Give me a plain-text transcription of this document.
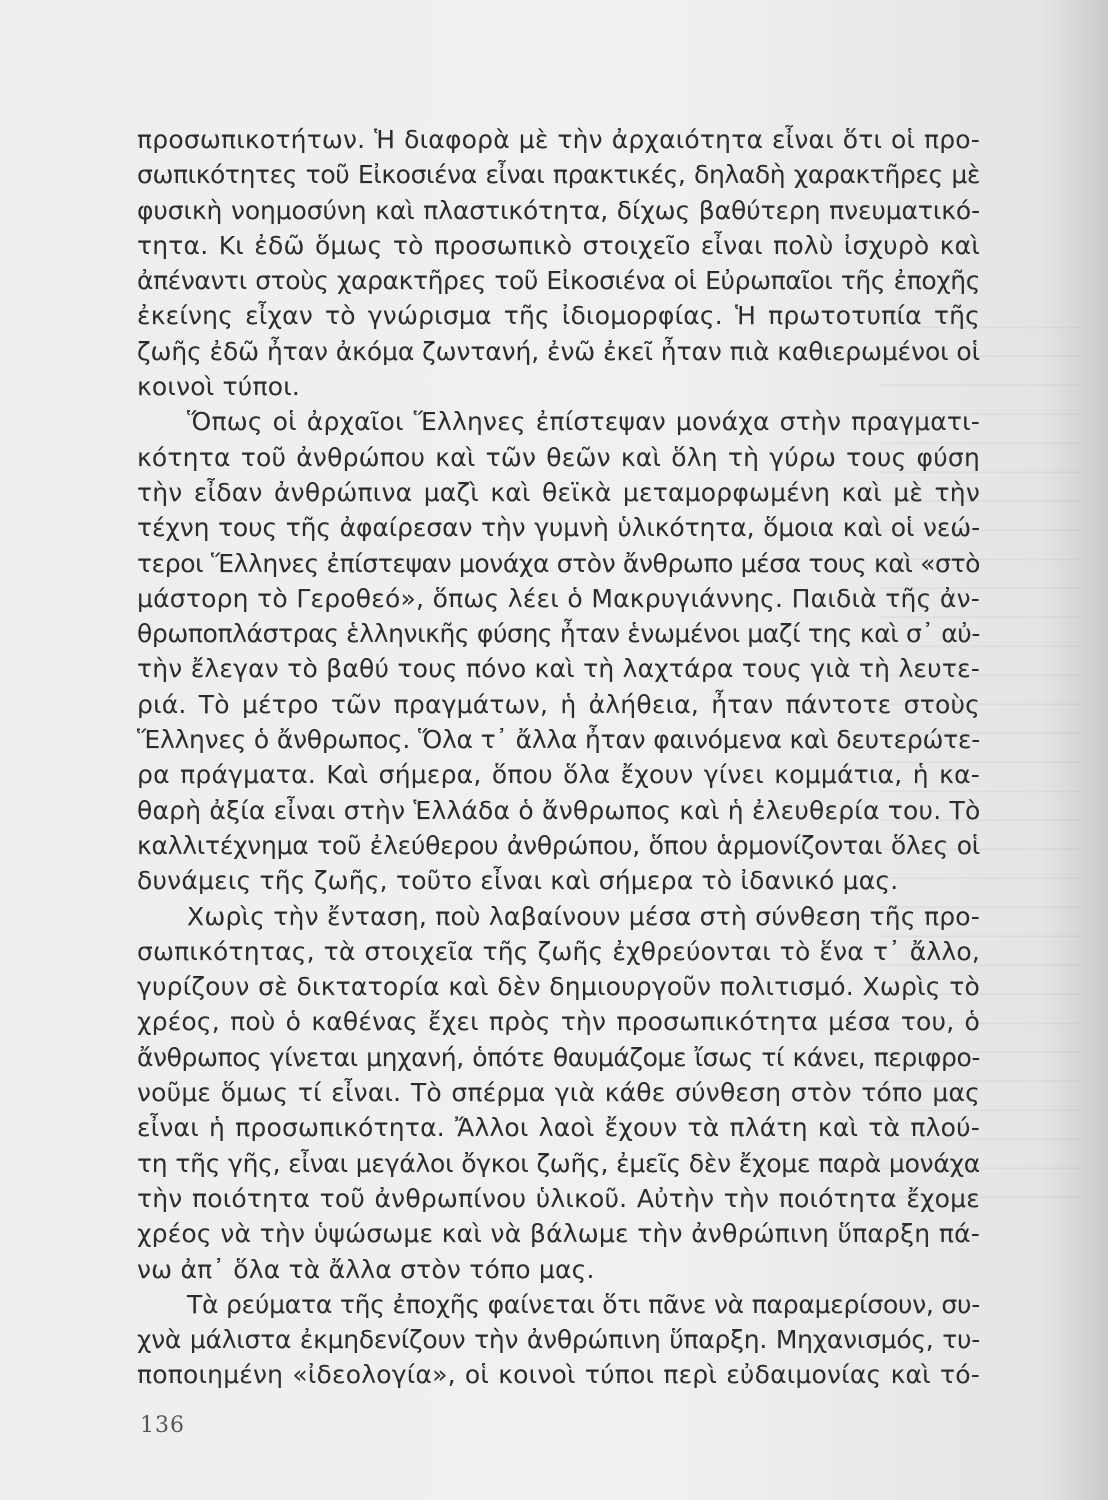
προσωπικοτήτων. Ἡ διαφορὰ μὲ τὴν ἀρχαιότητα εἶναι ὅτι οἱ προ-
σωπικότητες τοῦ Εἰκοσιένα εἶναι πρακτικές, δηλαδὴ χαρακτῆρες μὲ
φυσικὴ νοημοσύνη καὶ πλαστικότητα, δίχως βαθύτερη πνευματικό-
τητα. Κι ἐδῶ ὅμως τὸ προσωπικὸ στοιχεῖο εἶναι πολὺ ἰσχυρὸ καὶ
ἀπέναντι στοὺς χαρακτῆρες τοῦ Εἰκοσιένα οἱ Εὐρωπαῖοι τῆς ἐποχῆς
ἐκείνης εἶχαν τὸ γνώρισμα τῆς ἰδιομορφίας. Ἡ πρωτοτυπία τῆς
ζωῆς ἐδῶ ἦταν ἀκόμα ζωντανή, ἐνῶ ἐκεῖ ἦταν πιὰ καθιερωμένοι οἱ
κοινοὶ τύποι.
Ὅπως οἱ ἀρχαῖοι Ἕλληνες ἐπίστεψαν μονάχα στὴν πραγματι-
κότητα τοῦ ἀνθρώπου καὶ τῶν θεῶν καὶ ὅλη τὴ γύρω τους φύση
τὴν εἶδαν ἀνθρώπινα μαζὶ καὶ θεϊκὰ μεταμορφωμένη καὶ μὲ τὴν
τέχνη τους τῆς ἀφαίρεσαν τὴν γυμνὴ ὑλικότητα, ὅμοια καὶ οἱ νεώ-
τεροι Ἕλληνες ἐπίστεψαν μονάχα στὸν ἄνθρωπο μέσα τους καὶ «στὸ
μάστορη τὸ Γεροθεό», ὅπως λέει ὁ Μακρυγιάννης. Παιδιὰ τῆς ἀν-
θρωποπλάστρας ἑλληνικῆς φύσης ἦταν ἑνωμένοι μαζί της καὶ σ᾽ αὐ-
τὴν ἔλεγαν τὸ βαθύ τους πόνο καὶ τὴ λαχτάρα τους γιὰ τὴ λευτε-
ριά. Τὸ μέτρο τῶν πραγμάτων, ἡ ἀλήθεια, ἦταν πάντοτε στοὺς
Ἕλληνες ὁ ἄνθρωπος. Ὅλα τ᾽ ἄλλα ἦταν φαινόμενα καὶ δευτερώτε-
ρα πράγματα. Καὶ σήμερα, ὅπου ὅλα ἔχουν γίνει κομμάτια, ἡ κα-
θαρὴ ἀξία εἶναι στὴν Ἑλλάδα ὁ ἄνθρωπος καὶ ἡ ἐλευθερία του. Τὸ
καλλιτέχνημα τοῦ ἐλεύθερου ἀνθρώπου, ὅπου ἁρμονίζονται ὅλες οἱ
δυνάμεις τῆς ζωῆς, τοῦτο εἶναι καὶ σήμερα τὸ ἰδανικό μας.
Χωρὶς τὴν ἔνταση, ποὺ λαβαίνουν μέσα στὴ σύνθεση τῆς προ-
σωπικότητας, τὰ στοιχεῖα τῆς ζωῆς ἐχθρεύονται τὸ ἕνα τ᾽ ἄλλο,
γυρίζουν σὲ δικτατορία καὶ δὲν δημιουργοῦν πολιτισμό. Χωρὶς τὸ
χρέος, ποὺ ὁ καθένας ἔχει πρὸς τὴν προσωπικότητα μέσα του, ὁ
ἄνθρωπος γίνεται μηχανή, ὁπότε θαυμάζομε ἴσως τί κάνει, περιφρο-
νοῦμε ὅμως τί εἶναι. Τὸ σπέρμα γιὰ κάθε σύνθεση στὸν τόπο μας
εἶναι ἡ προσωπικότητα. Ἄλλοι λαοὶ ἔχουν τὰ πλάτη καὶ τὰ πλού-
τη τῆς γῆς, εἶναι μεγάλοι ὄγκοι ζωῆς, ἐμεῖς δὲν ἔχομε παρὰ μονάχα
τὴν ποιότητα τοῦ ἀνθρωπίνου ὑλικοῦ. Αὐτὴν τὴν ποιότητα ἔχομε
χρέος νὰ τὴν ὑψώσωμε καὶ νὰ βάλωμε τὴν ἀνθρώπινη ὕπαρξη πά-
νω ἀπ᾽ ὅλα τὰ ἄλλα στὸν τόπο μας.
Τὰ ρεύματα τῆς ἐποχῆς φαίνεται ὅτι πᾶνε νὰ παραμερίσουν, συ-
χνὰ μάλιστα ἐκμηδενίζουν τὴν ἀνθρώπινη ὕπαρξη. Μηχανισμός, τυ-
ποποιημένη «ἰδεολογία», οἱ κοινοὶ τύποι περὶ εὐδαιμονίας καὶ τό-
136
